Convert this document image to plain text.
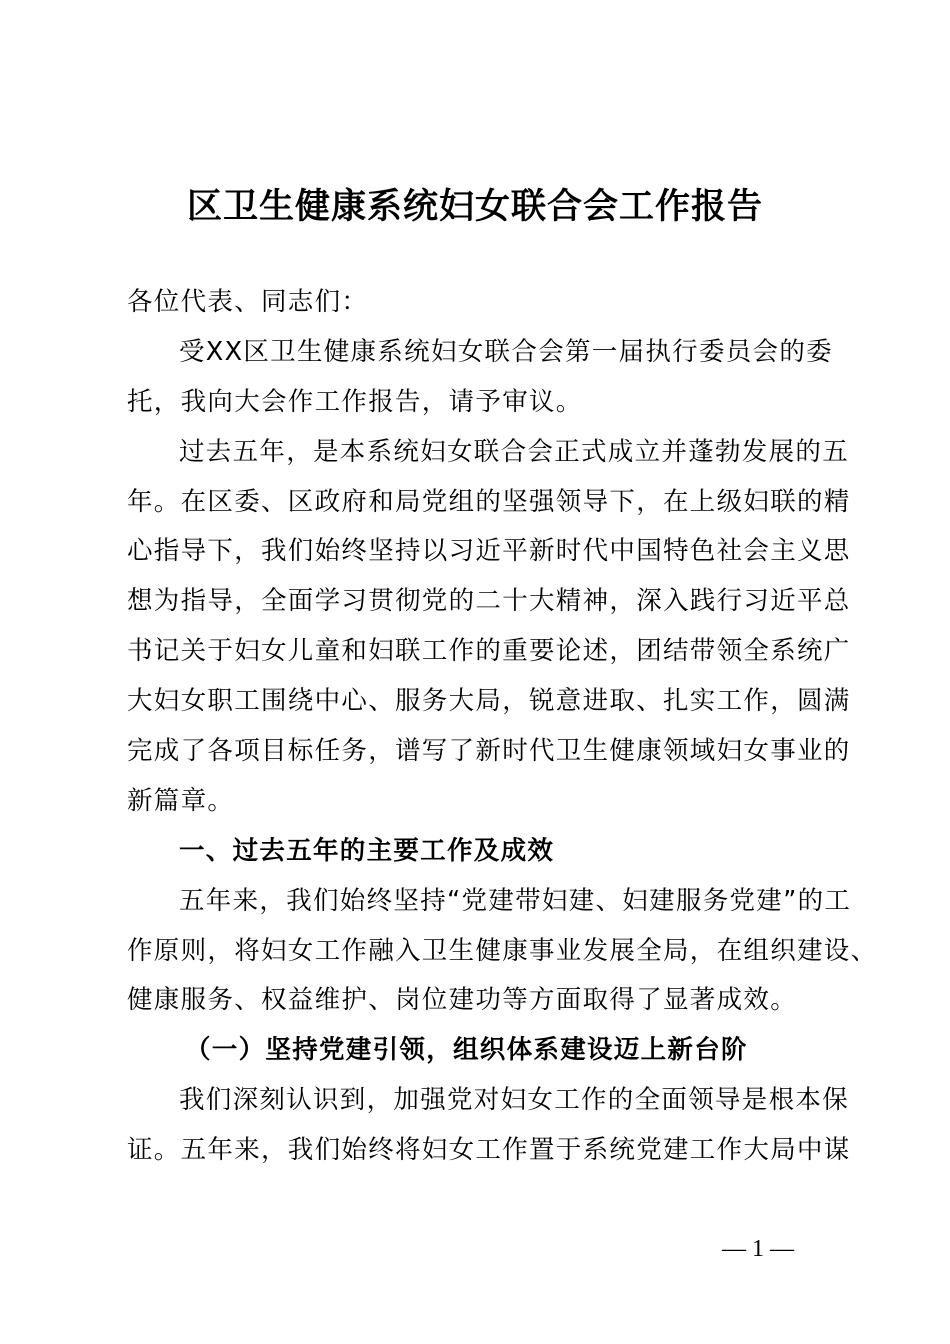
区卫生健康系统妇女联合会工作报告
各位代表、同志们：
受XX区卫生健康系统妇女联合会第一届执行委员会的委
托，我向大会作工作报告，请予审议。
过去五年，是本系统妇女联合会正式成立并蓬勃发展的五
年。在区委、区政府和局党组的坚强领导下，在上级妇联的精
心指导下，我们始终坚持以习近平新时代中国特色社会主义思
想为指导，全面学习贯彻党的二十大精神，深入践行习近平总
书记关于妇女儿童和妇联工作的重要论述，团结带领全系统广
大妇女职工围绕中心、服务大局，锐意进取、扎实工作，圆满
完成了各项目标任务，谱写了新时代卫生健康领域妇女事业的
新篇章。
一、过去五年的主要工作及成效
五年来，我们始终坚持“党建带妇建、妇建服务党建”的工
作原则，将妇女工作融入卫生健康事业发展全局，在组织建设、
健康服务、权益维护、岗位建功等方面取得了显著成效。
（一）坚持党建引领，组织体系建设迈上新台阶
我们深刻认识到，加强党对妇女工作的全面领导是根本保
证。五年来，我们始终将妇女工作置于系统党建工作大局中谋
—1—
